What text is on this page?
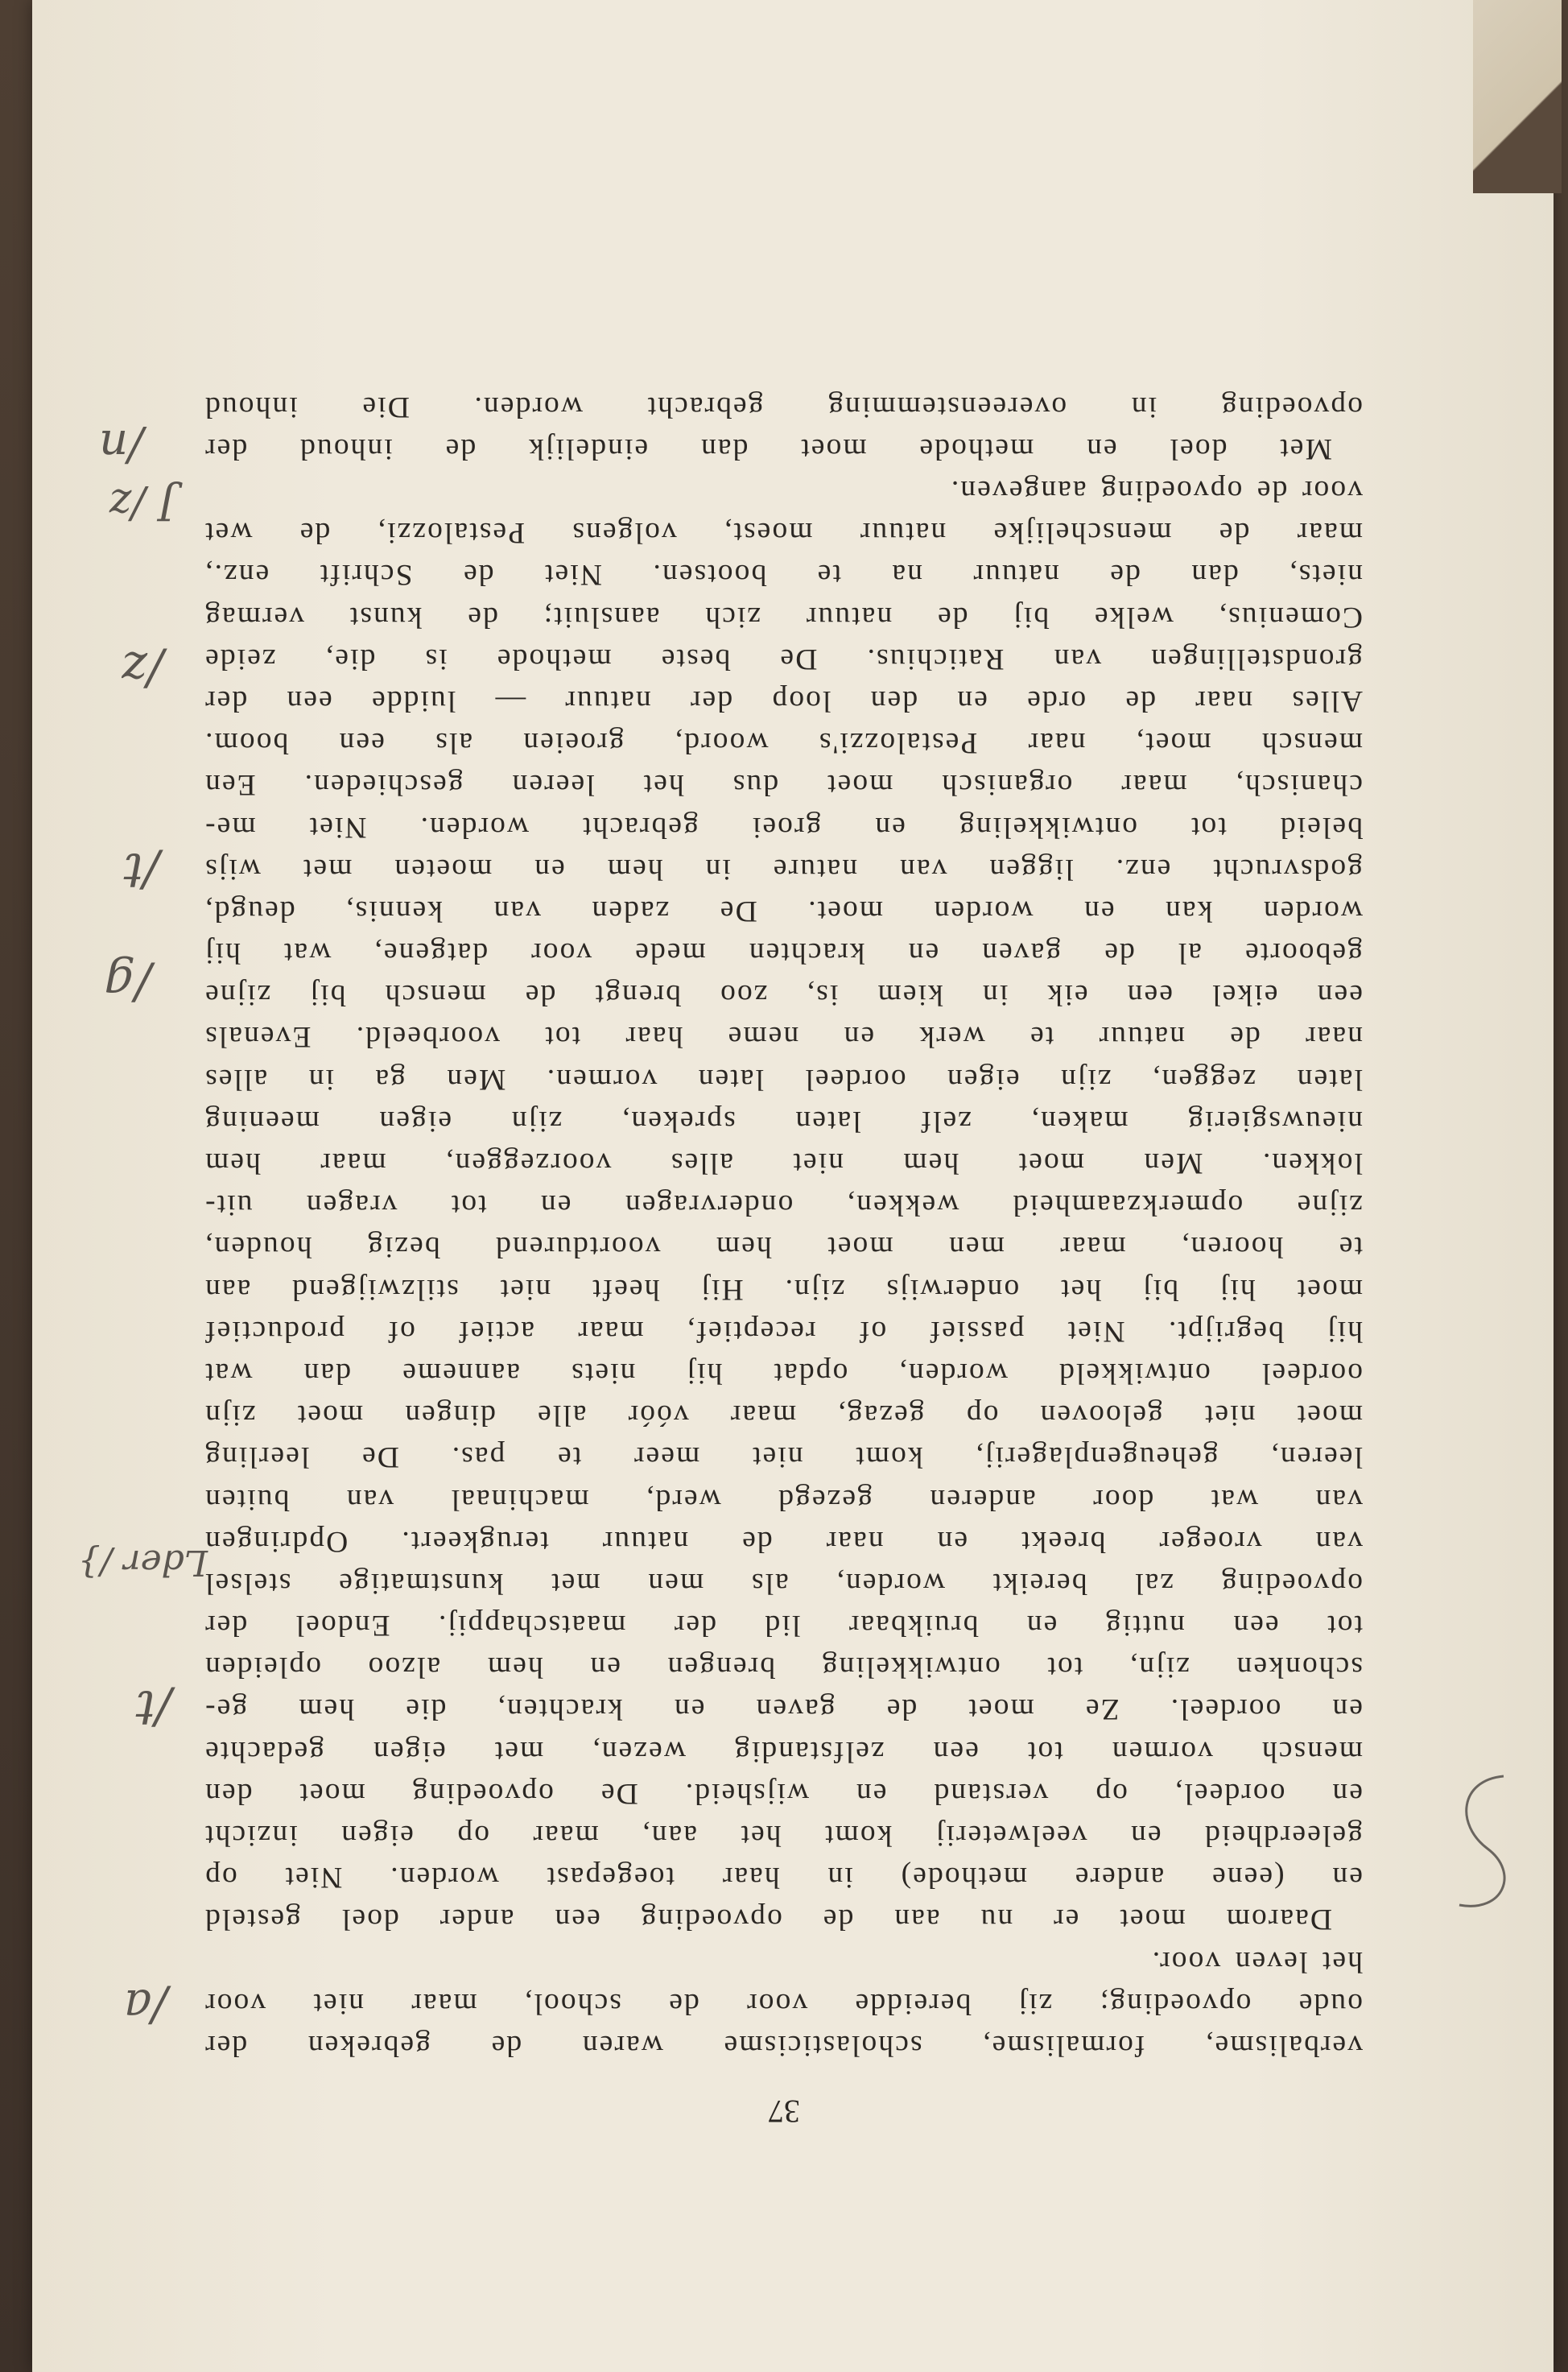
37
verbalisme, formalisme, scholasticisme waren de gebreken der
oude opvoeding; zij bereidde voor de school, maar niet voor
het leven voor.
Daarom moet er nu aan de opvoeding een ander doel gesteld
en (eene andere methode) in haar toegepast worden. Niet op
geleerdheid en veelweterij komt het aan, maar op eigen inzicht
en oordeel, op verstand en wijsheid. De opvoeding moet den
mensch vormen tot een zelfstandig wezen, met eigen gedachte
en oordeel. Ze moet de gaven en krachten, die hem ge-
schonken zijn, tot ontwikkeling brengen en hem alzoo opleiden
tot een nuttig en bruikbaar lid der maatschappij. Endoel der
opvoeding zal bereikt worden, als men met kunstmatige stelsel
van vroeger breekt en naar de natuur terugkeert. Opdringen
van wat door anderen gezegd werd, machinaal van buiten
leeren, geheugenplagerij, komt niet meer te pas. De leerling
moet niet gelooven op gezag, maar vóór alle dingen moet zijn
oordeel ontwikkeld worden, opdat hij niets aanneme dan wat
hij begrijpt. Niet passief of receptief, maar actief of productief
moet hij bij het onderwijs zijn. Hij heeft niet stilzwijgend aan
te hooren, maar men moet hem voortdurend bezig houden,
zijne opmerkzaamheid wekken, ondervragen en tot vragen uit-
lokken. Men moet hem niet alles voorzeggen, maar hem
nieuwsgierig maken, zelf laten spreken, zijn eigen meening
laten zeggen, zijn eigen oordeel laten vormen. Men ga in alles
naar de natuur te werk en neme haar tot voorbeeld. Evenals
een eikel een eik in kiem is, zoo brengt de mensch bij zijne
geboorte al de gaven en krachten mede voor datgene, wat hij
worden kan en worden moet. De zaden van kennis, deugd,
godsvrucht enz. liggen van nature in hem en moeten met wijs
beleid tot ontwikkeling en groei gebracht worden. Niet me-
chanisch, maar organisch moet dus het leeren geschieden. Een
mensch moet, naar Pestalozzi's woord, groeien als een boom.
Alles naar de orde en den loop der natuur — luidde een der
grondstellingen van Ratichius. De beste methode is die, zeide
Comenius, welke bij de natuur zich aansluit; de kunst vermag
niets, dan de natuur na te bootsen. Niet de Schrift enz.,
maar de menschelijke natuur moest, volgens Pestalozzi, de wet
voor de opvoeding aangeven.
Met doel en methode moet dan eindelijk de inhoud der
opvoeding in overeenstemming gebracht worden. Die inhoud
/a
/t
Lder /}
/g
/t
/z
/n
J /z
